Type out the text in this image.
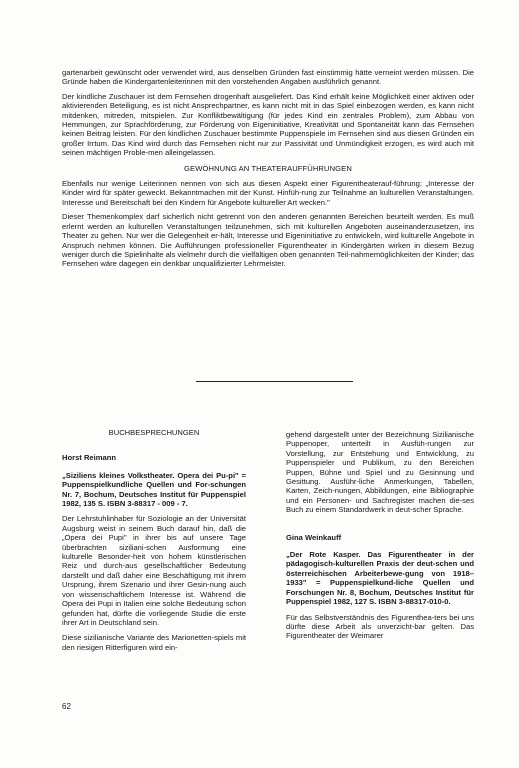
gartenarbeit gewünscht oder verwendet wird, aus denselben Gründen fast einstimmig hätte verneint werden müssen. Die Gründe haben die Kindergartenleiterinnen mit den vorstehenden Angaben ausführlich genannt.

Der kindliche Zuschauer ist dem Fernsehen drogenhaft ausgeliefert. Das Kind erhält keine Möglichkeit einer aktiven oder aktivierenden Beteiligung, es ist nicht Ansprechpartner, es kann nicht mit in das Spiel einbezogen werden, es kann nicht mitdenken, mitreden, mitspielen. Zur Konfliktbewältigung (für jedes Kind ein zentrales Problem), zum Abbau von Hemmungen, zur Sprachförderung, zur Förderung von Eigeninitiative, Kreativität und Spontaneität kann das Fernsehen keinen Beitrag leisten. Für den kindlichen Zuschauer bestimmte Puppenspiele im Fernsehen sind aus diesen Gründen ein großer Irrtum. Das Kind wird durch das Fernsehen nicht nur zur Passivität und Unmündigkeit erzogen, es wird auch mit seinen mächtigen Proble-men alleingelassen.

GEWÖHNUNG AN THEATERAUFFÜHRUNGEN

Ebenfalls nur wenige Leiterinnen nennen von sich aus diesen Aspekt einer Figurentheaterauf-führung: „Interesse der Kinder wird für später geweckt. Bekanntmachen mit der Kunst. Hinfüh-rung zur Teilnahme an kulturellen Veranstaltungen. Interesse und Bereitschaft bei den Kindern für Angebote kultureller Art wecken."

Dieser Themenkomplex darf sicherlich nicht getrennt von den anderen genannten Bereichen beurteilt werden. Es muß erlernt werden an kulturellen Veranstaltungen teilzunehmen, sich mit kulturellen Angeboten auseinanderzusetzen, ins Theater zu gehen. Nur wer die Gelegenheit er-hält, Interesse und Eigeninitiative zu entwickeln, wird kulturelle Angebote in Anspruch nehmen können. Die Aufführungen professioneller Figurentheater in Kindergärten wirken in diesem Bezug weniger durch die Spielinhalte als vielmehr durch die vielfältigen oben genannten Teil-nahmemöglichkeiten der Kinder; das Fernsehen wäre dagegen ein denkbar unqualifizierter Lehrmeister.

BUCHBESPRECHUNGEN
Horst Reimann

„Siziliens kleines Volkstheater. Opera dei Pu-pi" = Puppenspielkundliche Quellen und For-schungen Nr. 7, Bochum, Deutsches Institut für Puppenspiel 1982, 135 S. ISBN 3-88317 - 009 - 7.

Der Lehrstuhlinhaber für Soziologie an der Universität Augsburg weist in seinem Buch darauf hin, daß die „Opera dei Pupi" in ihrer bis auf unsere Tage überbrachten siziliani-schen Ausformung eine kulturelle Besonder-heit von hohem künstlerischen Reiz und durch-aus gesellschaftlicher Bedeutung darstellt und daß daher eine Beschäftigung mit ihrem Ursprung, ihrem Szenario und ihrer Gesin-nung auch von wissenschaftlichem Interesse ist. Während die Opera dei Pupi in Italien eine solche Bedeutung schon gefunden hat, dürfte die vorliegende Studie die erste ihrer Art in Deutschland sein.

Diese sizilianische Variante des Marionetten-spiels mit den riesigen Ritterfiguren wird ein-

gehend dargestellt unter der Bezeichnung Sizilianische Puppenoper, unterteilt in Ausfüh-rungen zur Vorstellung, zur Entstehung und Entwicklung, zu Puppenspieler und Publikum, zu den Bereichen Puppen, Bühne und Spiel und zu Gesinnung und Gesittung. Ausführ-liche Anmerkungen, Tabellen, Karten, Zeich-nungen, Abbildungen, eine Bibliographie und ein Personen- und Sachregister machen die-ses Buch zu einem Standardwerk in deut-scher Sprache.

Gina Weinkauff

„Der Rote Kasper. Das Figurentheater in der pädagogisch-kulturellen Praxis der deut-schen und österreichischen Arbeiterbewe-gung von 1918–1933" = Puppenspielkund-liche Quellen und Forschungen Nr. 8, Bochum, Deutsches Institut für Puppenspiel 1982, 127 S. ISBN 3-88317-010-0.

Für das Selbstverständnis des Figurenthea-ters bei uns dürfte diese Arbeit als unverzicht-bar gelten. Das Figurentheater der Weimarer

62
